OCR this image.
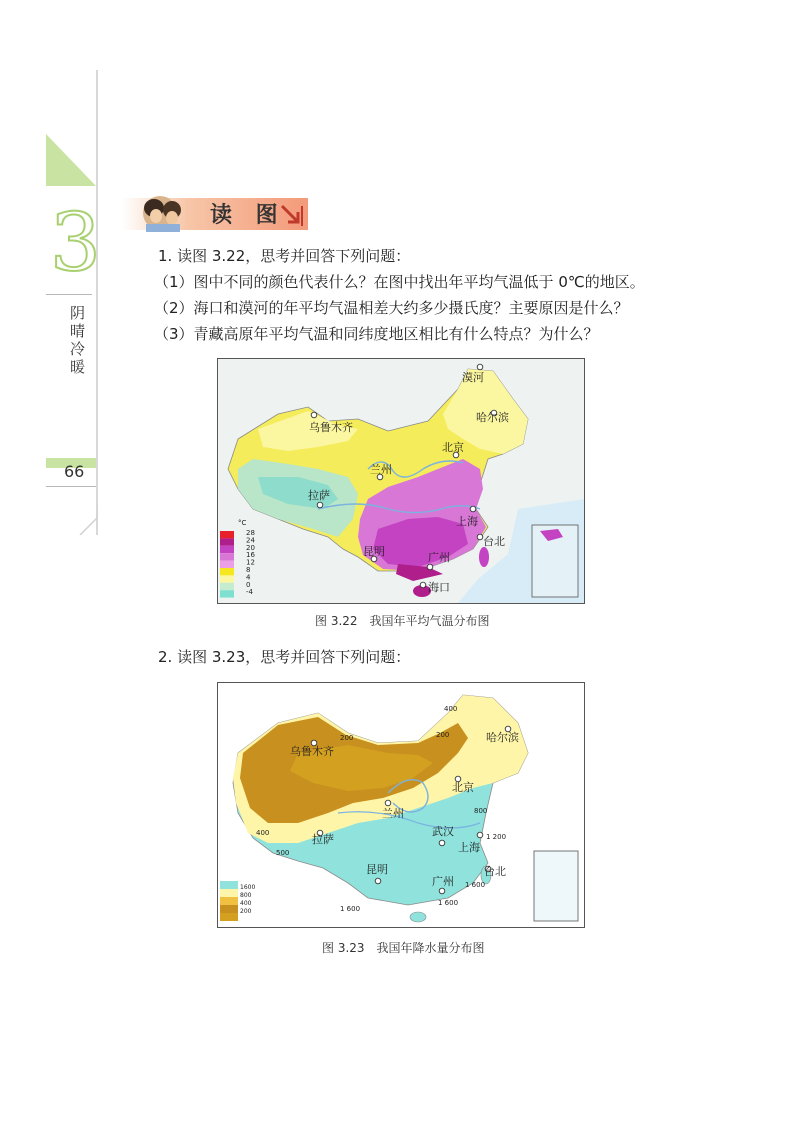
3
阴晴冷暖
66
读 图
1. 读图 3.22，思考并回答下列问题：
（1）图中不同的颜色代表什么？在图中找出年平均气温低于 0℃的地区。
（2）海口和漠河的年平均气温相差大约多少摄氏度？主要原因是什么？
（3）青藏高原年平均气温和同纬度地区相比有什么特点？为什么？
°C
28
24
20
16
12
8
4
0
-4
漠河
哈尔滨
乌鲁木齐
北京
兰州
拉萨
上海
台北
昆明	广州
海口
图 3.22　我国年平均气温分布图
2. 读图 3.23，思考并回答下列问题：
1600
800
400
200
400
200	200
800
400	1 200
500
1 600
1 600
1 600
哈尔滨
乌鲁木齐
北京
兰州
武汉
拉萨
上海
昆明	台北
广州
图 3.23　我国年降水量分布图
